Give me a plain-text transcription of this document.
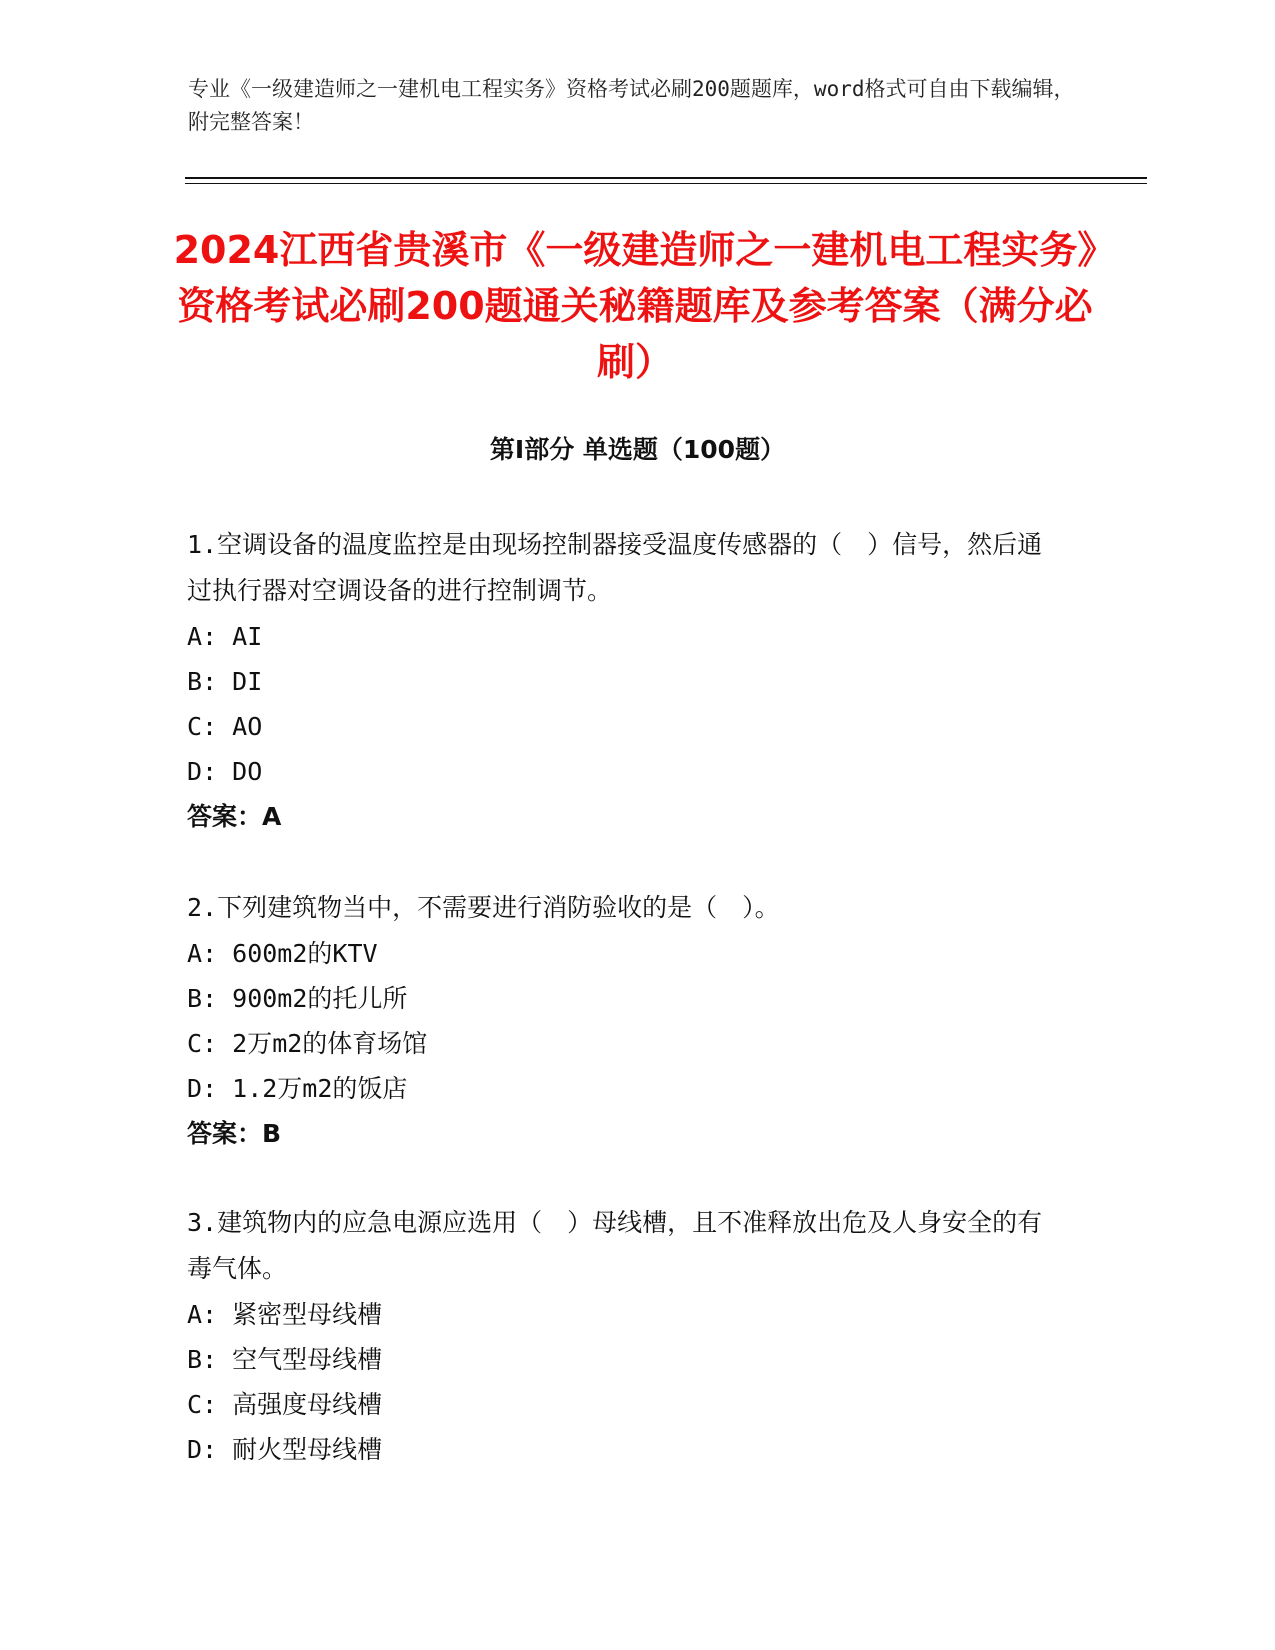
专业《一级建造师之一建机电工程实务》资格考试必刷200题题库，word格式可自由下载编辑，附完整答案！
2024江西省贵溪市《一级建造师之一建机电工程实务》资格考试必刷200题通关秘籍题库及参考答案（满分必刷）
第Ⅰ部分 单选题（100题）
1.空调设备的温度监控是由现场控制器接受温度传感器的（　）信号，然后通过执行器对空调设备的进行控制调节。
A: AI
B: DI
C: AO
D: DO
答案：A
2.下列建筑物当中，不需要进行消防验收的是（　）。
A: 600m2的KTV
B: 900m2的托儿所
C: 2万m2的体育场馆
D: 1.2万m2的饭店
答案：B
3.建筑物内的应急电源应选用（　）母线槽，且不准释放出危及人身安全的有毒气体。
A: 紧密型母线槽
B: 空气型母线槽
C: 高强度母线槽
D: 耐火型母线槽
